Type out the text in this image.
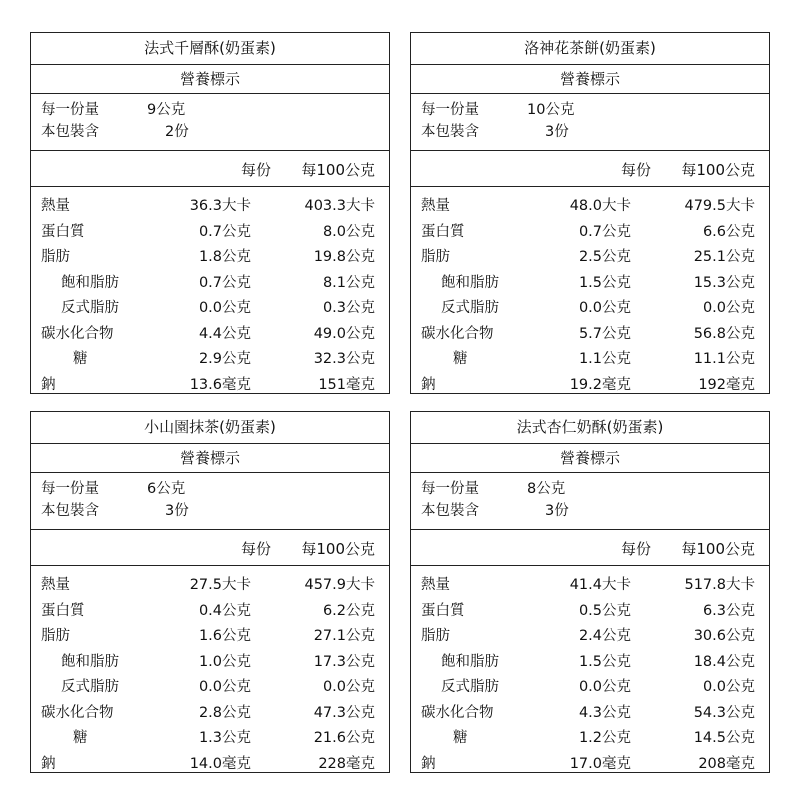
法式千層酥(奶蛋素)
營養標示
每一份量	9公克
本包裝含	2份
每份 每100公克
熱量	36.3大卡	403.3大卡
蛋白質	0.7公克	8.0公克
脂肪	1.8公克	19.8公克
飽和脂肪	0.7公克	8.1公克
反式脂肪	0.0公克	0.3公克
碳水化合物	4.4公克	49.0公克
糖	2.9公克	32.3公克
鈉	13.6毫克	151毫克
洛神花茶餅(奶蛋素)
營養標示
每一份量	10公克
本包裝含	3份
每份 每100公克
熱量	48.0大卡	479.5大卡
蛋白質	0.7公克	6.6公克
脂肪	2.5公克	25.1公克
飽和脂肪	1.5公克	15.3公克
反式脂肪	0.0公克	0.0公克
碳水化合物	5.7公克	56.8公克
糖	1.1公克	11.1公克
鈉	19.2毫克	192毫克
小山園抹茶(奶蛋素)
營養標示
每一份量	6公克
本包裝含	3份
每份 每100公克
熱量	27.5大卡	457.9大卡
蛋白質	0.4公克	6.2公克
脂肪	1.6公克	27.1公克
飽和脂肪	1.0公克	17.3公克
反式脂肪	0.0公克	0.0公克
碳水化合物	2.8公克	47.3公克
糖	1.3公克	21.6公克
鈉	14.0毫克	228毫克
法式杏仁奶酥(奶蛋素)
營養標示
每一份量	8公克
本包裝含	3份
每份 每100公克
熱量	41.4大卡	517.8大卡
蛋白質	0.5公克	6.3公克
脂肪	2.4公克	30.6公克
飽和脂肪	1.5公克	18.4公克
反式脂肪	0.0公克	0.0公克
碳水化合物	4.3公克	54.3公克
糖	1.2公克	14.5公克
鈉	17.0毫克	208毫克
